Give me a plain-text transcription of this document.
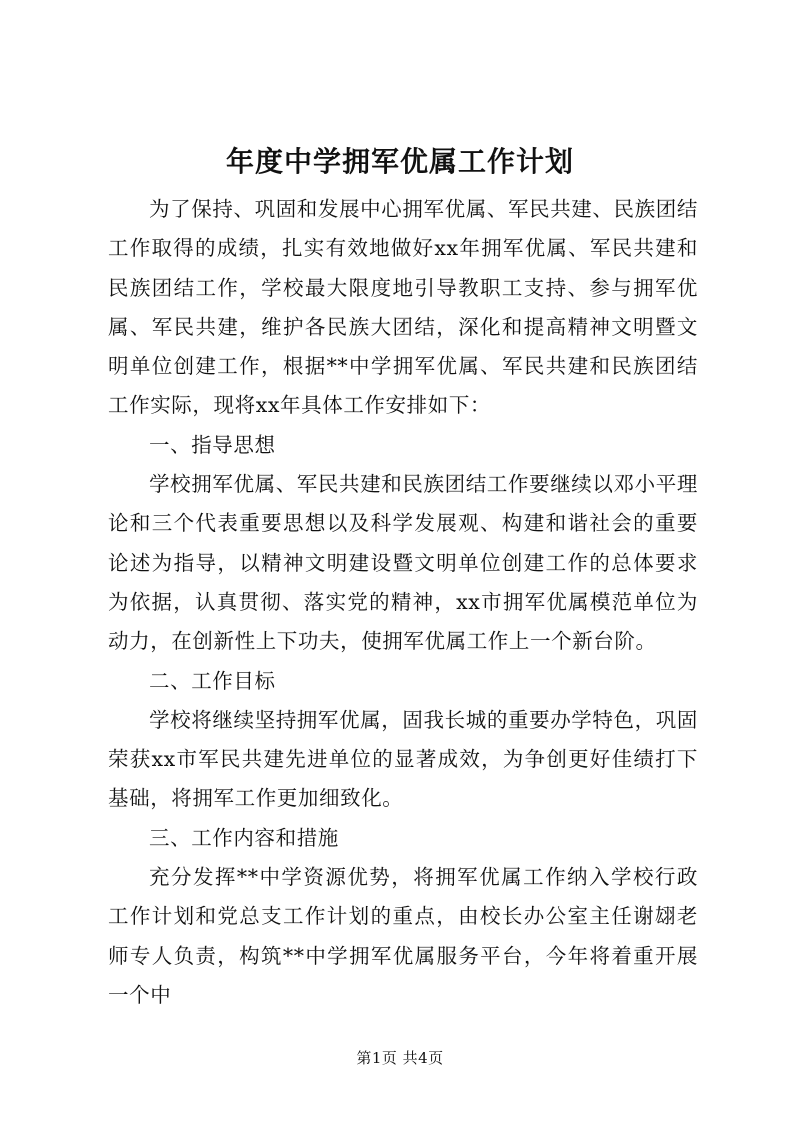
年度中学拥军优属工作计划

为了保持、巩固和发展中心拥军优属、军民共建、民族团结工作取得的成绩，扎实有效地做好xx年拥军优属、军民共建和民族团结工作，学校最大限度地引导教职工支持、参与拥军优属、军民共建，维护各民族大团结，深化和提高精神文明暨文明单位创建工作，根据**中学拥军优属、军民共建和民族团结工作实际，现将xx年具体工作安排如下：

一、指导思想

学校拥军优属、军民共建和民族团结工作要继续以邓小平理论和三个代表重要思想以及科学发展观、构建和谐社会的重要论述为指导，以精神文明建设暨文明单位创建工作的总体要求为依据，认真贯彻、落实党的精神，xx市拥军优属模范单位为动力，在创新性上下功夫，使拥军优属工作上一个新台阶。

二、工作目标

学校将继续坚持拥军优属，固我长城的重要办学特色，巩固荣获xx市军民共建先进单位的显著成效，为争创更好佳绩打下基础，将拥军工作更加细致化。

三、工作内容和措施

充分发挥**中学资源优势，将拥军优属工作纳入学校行政工作计划和党总支工作计划的重点，由校长办公室主任谢翃老师专人负责，构筑**中学拥军优属服务平台，今年将着重开展一个中

第1页 共4页
